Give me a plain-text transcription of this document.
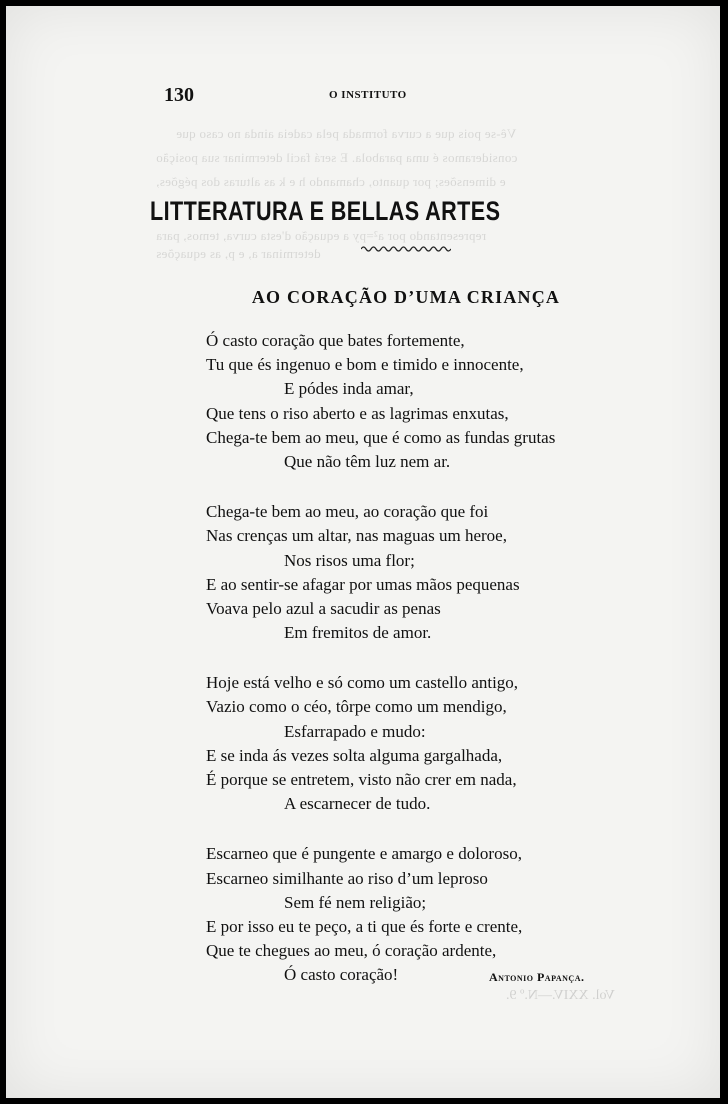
Vê-se pois que a curva formada pela cadeia ainda no caso que
consideramos é uma parabola. E será facil determinar sua posição
e dimensões; por quanto, chamando h e k as alturas dos pégões,
representando por a²=py a equação d'esta curva, temos, para
determinar a, e p, as equações
130	O INSTITUTO
LITTERATURA E BELLAS ARTES
AO CORAÇÃO D’UMA CRIANÇA
Ó casto coração que bates fortemente,
Tu que és ingenuo e bom e timido e innocente,
E pódes inda amar,
Que tens o riso aberto e as lagrimas enxutas,
Chega-te bem ao meu, que é como as fundas grutas
Que não têm luz nem ar.
Chega-te bem ao meu, ao coração que foi
Nas crenças um altar, nas maguas um heroe,
Nos risos uma flor;
E ao sentir-se afagar por umas mãos pequenas
Voava pelo azul a sacudir as penas
Em fremitos de amor.
Hoje está velho e só como um castello antigo,
Vazio como o céo, tôrpe como um mendigo,
Esfarrapado e mudo:
E se inda ás vezes solta alguma gargalhada,
É porque se entretem, visto não crer em nada,
A escarnecer de tudo.
Escarneo que é pungente e amargo e doloroso,
Escarneo similhante ao riso d’um leproso
Sem fé nem religião;
E por isso eu te peço, a ti que és forte e crente,
Que te chegues ao meu, ó coração ardente,
Ó casto coração!	Antonio Papança.
Vol. XXIV.—N.º 9.
